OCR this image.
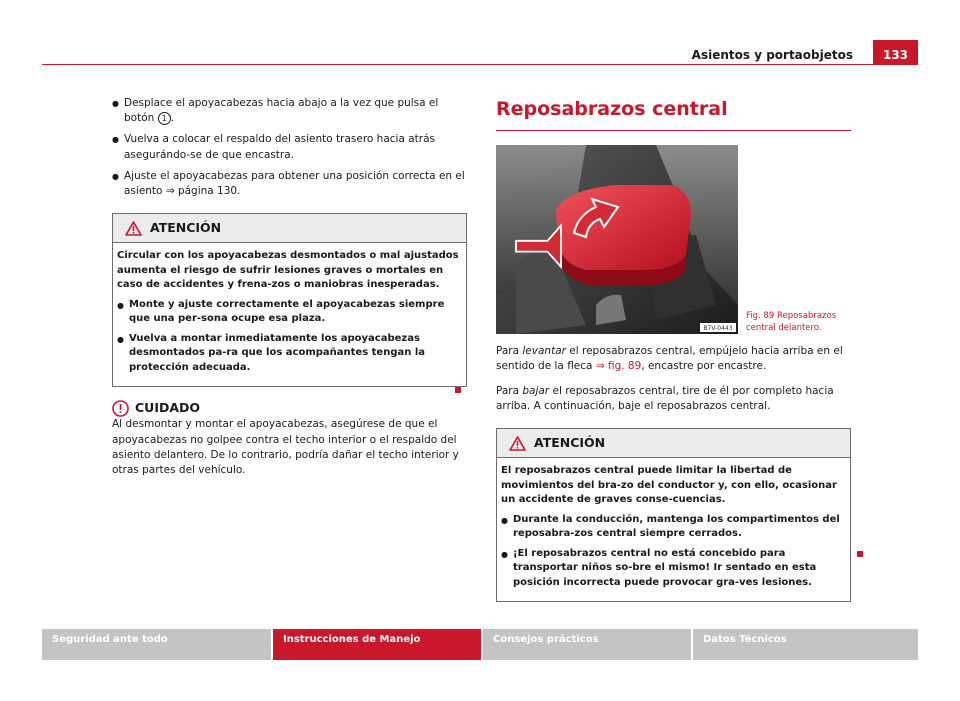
Asientos y portaobjetos	133
● Desplace el apoyacabezas hacia abajo a la vez que pulsa el botón 1 .
● Vuelva a colocar el respaldo del asiento trasero hacia atrás asegurándo-se de que encastra.
● Ajuste el apoyacabezas para obtener una posición correcta en el asiento ⇒ página 130.
ATENCIÓN

Circular con los apoyacabezas desmontados o mal ajustados aumenta el riesgo de sufrir lesiones graves o mortales en caso de accidentes y frena-zos o maniobras inesperadas.

● Monte y ajuste correctamente el apoyacabezas siempre que una per-sona ocupe esa plaza.
● Vuelva a montar inmediatamente los apoyacabezas desmontados pa-ra que los acompañantes tengan la protección adecuada.
CUIDADO

Al desmontar y montar el apoyacabezas, asegúrese de que el apoyacabezas no golpee contra el techo interior o el respaldo del asiento delantero. De lo contrario, podría dañar el techo interior y otras partes del vehículo.

Reposabrazos central
B7V-0443
Fig. 89 Reposabrazos central delantero.

Para levantar el reposabrazos central, empújelo hacia arriba en el sentido de la fleca ⇒ fig. 89, encastre por encastre.

Para bajar el reposabrazos central, tire de él por completo hacia arriba. A continuación, baje el reposabrazos central.

ATENCIÓN

El reposabrazos central puede limitar la libertad de movimientos del bra-zo del conductor y, con ello, ocasionar un accidente de graves conse-cuencias.

● Durante la conducción, mantenga los compartimentos del reposabra-zos central siempre cerrados.
● ¡El reposabrazos central no está concebido para transportar niños so-bre el mismo! Ir sentado en esta posición incorrecta puede provocar gra-ves lesiones.
Seguridad ante todo	Instrucciones de Manejo	Consejos prácticos	Datos Técnicos
